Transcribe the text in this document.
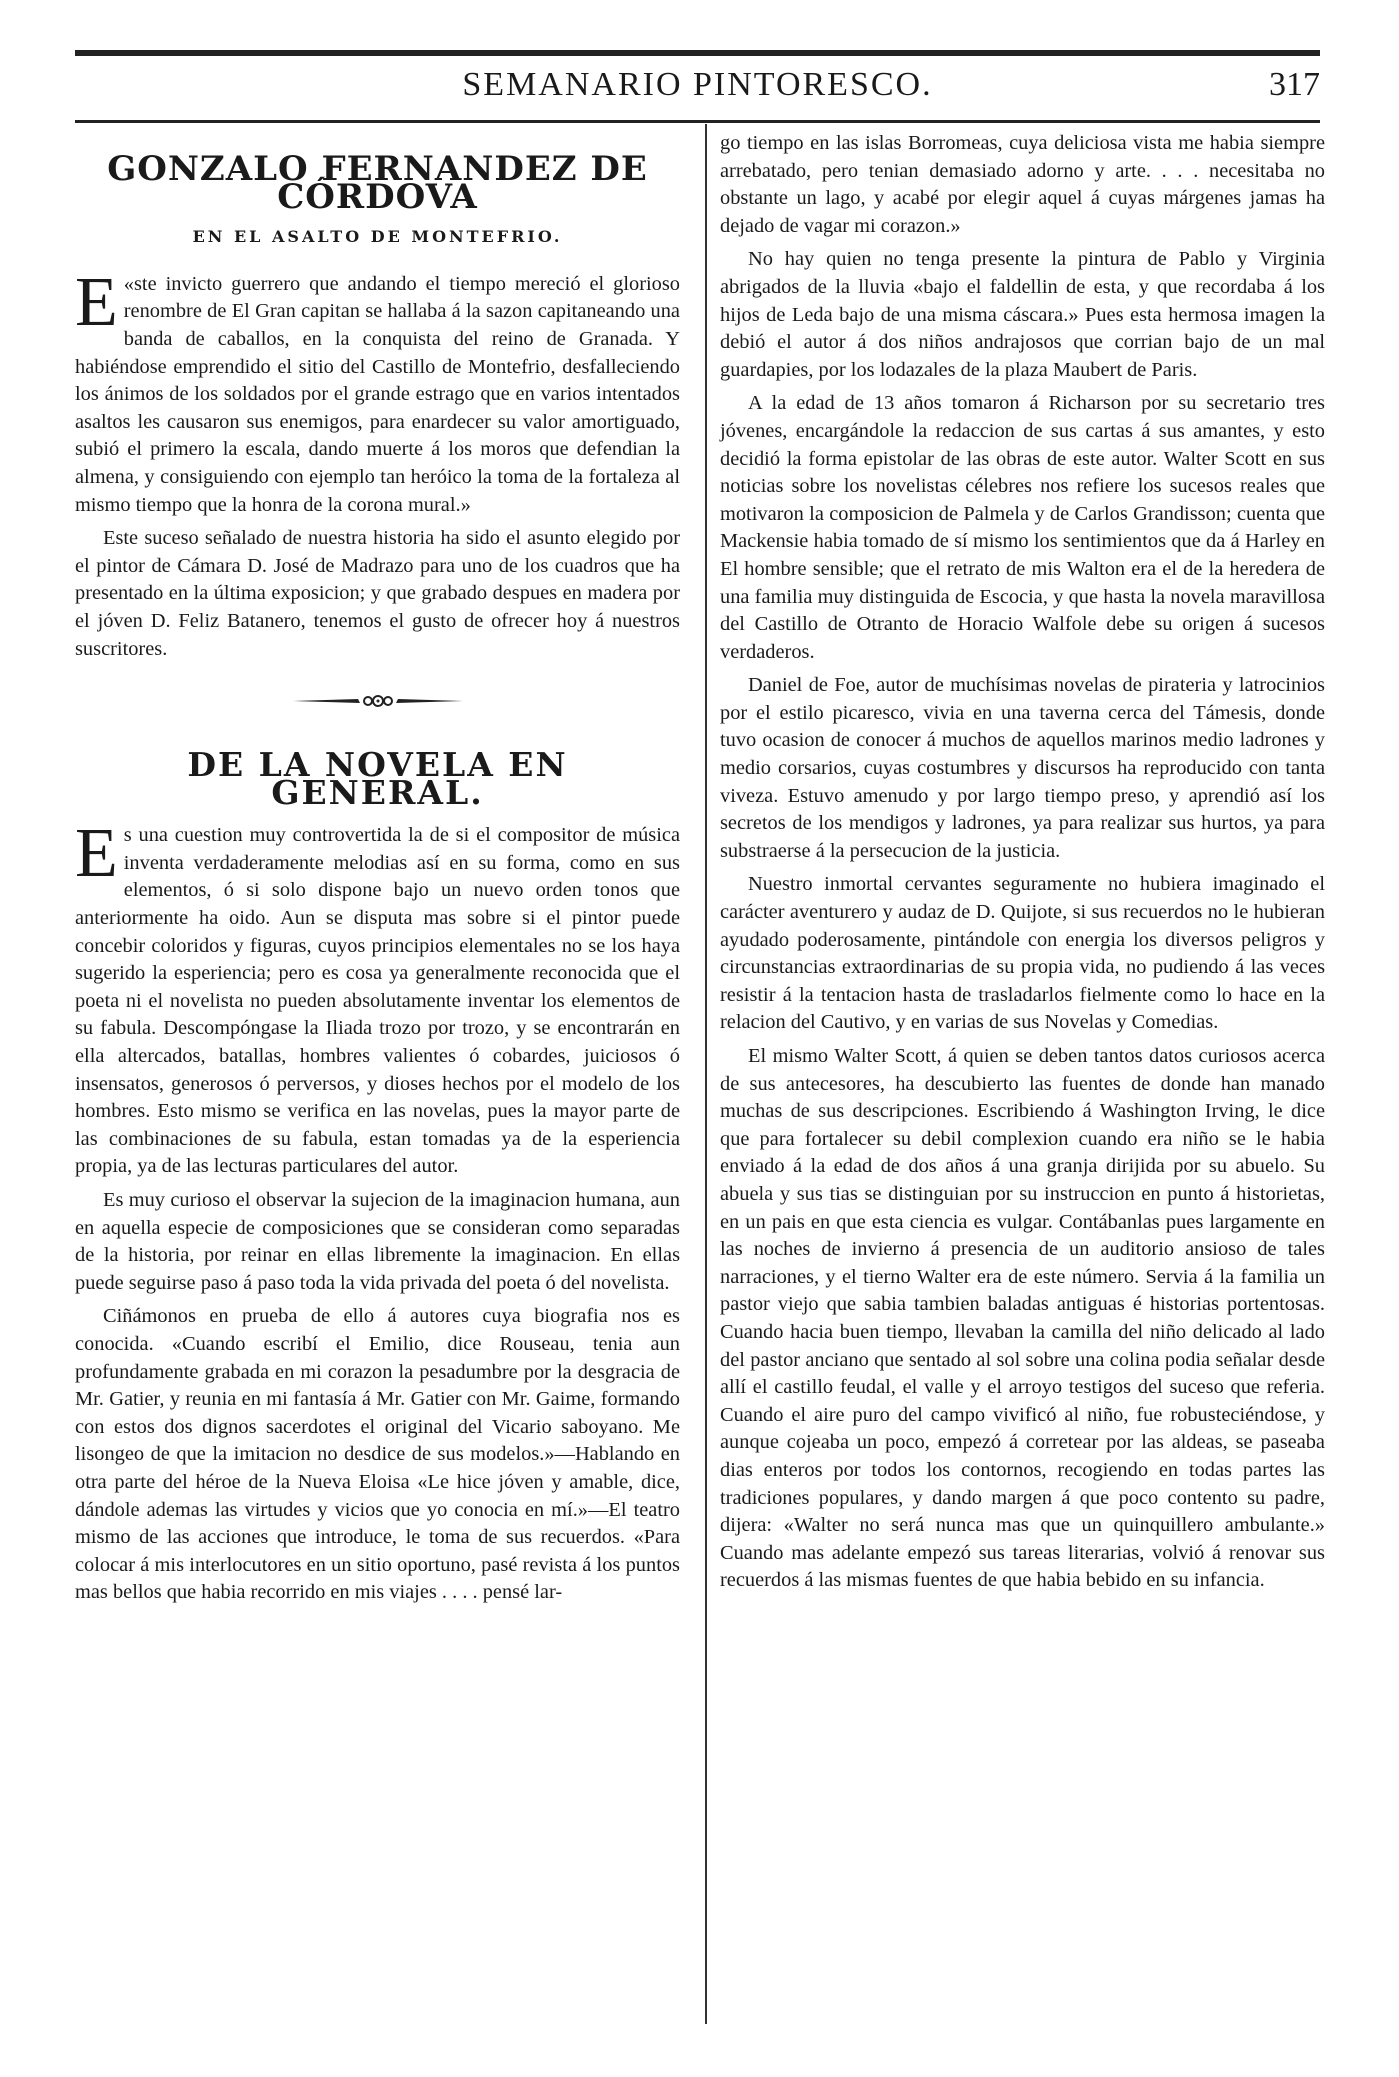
SEMANARIO PINTORESCO.	317
GONZALO FERNANDEZ DE CÓRDOVA
EN EL ASALTO DE MONTEFRIO.

«
E ste invicto guerrero que andando el tiempo mereció el glorioso renombre de El Gran capitan se hallaba á la sazon capitaneando una banda de caballos, en la conquista del reino de Granada. Y habiéndose emprendido el sitio del Castillo de Montefrio, desfalleciendo los ánimos de los soldados por el grande estrago que en varios intentados asaltos les causaron sus enemigos, para enardecer su valor amortiguado, subió el primero la escala, dando muerte á los moros que defendian la almena, y consiguiendo con ejemplo tan heróico la toma de la fortaleza al mismo tiempo que la honra de la corona mural.»

Este suceso señalado de nuestra historia ha sido el asunto elegido por el pintor de Cámara D. José de Madrazo para uno de los cuadros que ha presentado en la última exposicion; y que grabado despues en madera por el jóven D. Feliz Batanero, tenemos el gusto de ofrecer hoy á nuestros suscritores.

DE LA NOVELA EN GENERAL.

Es una cuestion muy controvertida la de si el compositor de música inventa verdaderamente melodias así en su forma, como en sus elementos, ó si solo dispone bajo un nuevo orden tonos que anteriormente ha oido. Aun se disputa mas sobre si el pintor puede concebir coloridos y figuras, cuyos principios elementales no se los haya sugerido la esperiencia; pero es cosa ya generalmente reconocida que el poeta ni el novelista no pueden absolutamente inventar los elementos de su fabula. Descompóngase la Iliada trozo por trozo, y se encontrarán en ella altercados, batallas, hombres valientes ó cobardes, juiciosos ó insensatos, generosos ó perversos, y dioses hechos por el modelo de los hombres. Esto mismo se verifica en las novelas, pues la mayor parte de las combinaciones de su fabula, estan tomadas ya de la esperiencia propia, ya de las lecturas particulares del autor.

Es muy curioso el observar la sujecion de la imaginacion humana, aun en aquella especie de composiciones que se consideran como separadas de la historia, por reinar en ellas libremente la imaginacion. En ellas puede seguirse paso á paso toda la vida privada del poeta ó del novelista.

Ciñámonos en prueba de ello á autores cuya biografia nos es conocida. «Cuando escribí el Emilio, dice Rouseau, tenia aun profundamente grabada en mi corazon la pesadumbre por la desgracia de Mr. Gatier, y reunia en mi fantasía á Mr. Gatier con Mr. Gaime, formando con estos dos dignos sacerdotes el original del Vicario saboyano. Me lisongeo de que la imitacion no desdice de sus modelos.»—Hablando en otra parte del héroe de la Nueva Eloisa «Le hice jóven y amable, dice, dándole ademas las virtudes y vicios que yo conocia en mí.»—El teatro mismo de las acciones que introduce, le toma de sus recuerdos. «Para colocar á mis interlocutores en un sitio oportuno, pasé revista á los puntos mas bellos que habia recorrido en mis viajes . . . . pensé lar-

go tiempo en las islas Borromeas, cuya deliciosa vista me habia siempre arrebatado, pero tenian demasiado adorno y arte. . . . necesitaba no obstante un lago, y acabé por elegir aquel á cuyas márgenes jamas ha dejado de vagar mi corazon.»

No hay quien no tenga presente la pintura de Pablo y Virginia abrigados de la lluvia «bajo el faldellin de esta, y que recordaba á los hijos de Leda bajo de una misma cáscara.» Pues esta hermosa imagen la debió el autor á dos niños andrajosos que corrian bajo de un mal guardapies, por los lodazales de la plaza Maubert de Paris.

A la edad de 13 años tomaron á Richarson por su secretario tres jóvenes, encargándole la redaccion de sus cartas á sus amantes, y esto decidió la forma epistolar de las obras de este autor. Walter Scott en sus noticias sobre los novelistas célebres nos refiere los sucesos reales que motivaron la composicion de Palmela y de Carlos Grandisson; cuenta que Mackensie habia tomado de sí mismo los sentimientos que da á Harley en El hombre sensible; que el retrato de mis Walton era el de la heredera de una familia muy distinguida de Escocia, y que hasta la novela maravillosa del Castillo de Otranto de Horacio Walfole debe su origen á sucesos verdaderos.

Daniel de Foe, autor de muchísimas novelas de pirateria y latrocinios por el estilo picaresco, vivia en una taverna cerca del Támesis, donde tuvo ocasion de conocer á muchos de aquellos marinos medio ladrones y medio corsarios, cuyas costumbres y discursos ha reproducido con tanta viveza. Estuvo amenudo y por largo tiempo preso, y aprendió así los secretos de los mendigos y ladrones, ya para realizar sus hurtos, ya para substraerse á la persecucion de la justicia.

Nuestro inmortal cervantes seguramente no hubiera imaginado el carácter aventurero y audaz de D. Quijote, si sus recuerdos no le hubieran ayudado poderosamente, pintándole con energia los diversos peligros y circunstancias extraordinarias de su propia vida, no pudiendo á las veces resistir á la tentacion hasta de trasladarlos fielmente como lo hace en la relacion del Cautivo, y en varias de sus Novelas y Comedias.

El mismo Walter Scott, á quien se deben tantos datos curiosos acerca de sus antecesores, ha descubierto las fuentes de donde han manado muchas de sus descripciones. Escribiendo á Washington Irving, le dice que para fortalecer su debil complexion cuando era niño se le habia enviado á la edad de dos años á una granja dirijida por su abuelo. Su abuela y sus tias se distinguian por su instruccion en punto á historietas, en un pais en que esta ciencia es vulgar. Contábanlas pues largamente en las noches de invierno á presencia de un auditorio ansioso de tales narraciones, y el tierno Walter era de este número. Servia á la familia un pastor viejo que sabia tambien baladas antiguas é historias portentosas. Cuando hacia buen tiempo, llevaban la camilla del niño delicado al lado del pastor anciano que sentado al sol sobre una colina podia señalar desde allí el castillo feudal, el valle y el arroyo testigos del suceso que referia. Cuando el aire puro del campo vivificó al niño, fue robusteciéndose, y aunque cojeaba un poco, empezó á corretear por las aldeas, se paseaba dias enteros por todos los contornos, recogiendo en todas partes las tradiciones populares, y dando margen á que poco contento su padre, dijera: «Walter no será nunca mas que un quinquillero ambulante.» Cuando mas adelante empezó sus tareas literarias, volvió á renovar sus recuerdos á las mismas fuentes de que habia bebido en su infancia.
